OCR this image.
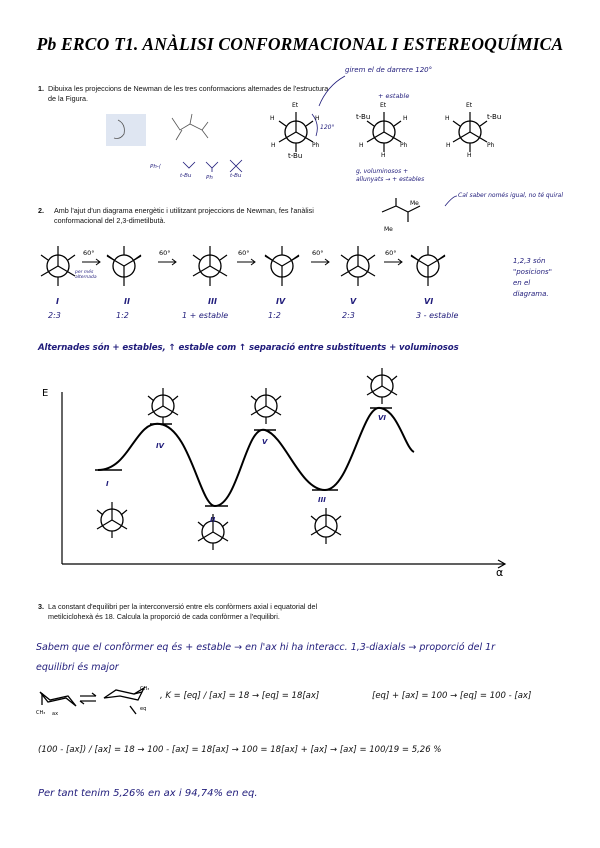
Pb ERCO T1. ANÀLISI CONFORMACIONAL I ESTEREOQUÍMICA
1. Dibuixa les projeccions de Newman de les tres conformacions alternades de l'estructura
de la Figura.
girem el de darrere 120°
+ estable
120°
g, voluminosos +
allunyats → + estables
Et
H	H
H	Ph
t-Bu
Et
t-Bu	H
H	Ph
H
Et
H	t-Bu
H	Ph
H
Ph-⟨
t-Bu	Ph	t-Bu
2. Amb l'ajut d'un diagrama energètic i utilitzant projeccions de Newman, fes l'anàlisi
conformacional del 2,3-dimetilbutà.
Cal saber només igual, no té quiral
Me
Me
I
2:3
60°
II
1:2
60°
III
1 + estable
60°
IV
1:2
60°
V
2:3
60°
VI
3 - estable
1,2,3 són
"posicions"
en el
diagrama.
per més alternada
Alternades són + estables, ↑ estable com ↑ separació entre substituents + voluminosos
E
α
I
II
III
IV	V
VI
3. La constant d'equilibri per la interconversió entre els confòrmers axial i equatorial del
metilciclohexà és 18. Calcula la proporció de cada confòrmer a l'equilibri.
Sabem que el confòrmer eq és + estable → en l'ax hi ha interacc. 1,3-diaxials → proporció del 1r
equilibri és major
CH₃ ax
CH₃
eq
, K = [eq] / [ax] = 18 → [eq] = 18[ax]	[eq] + [ax] = 100 → [eq] = 100 - [ax]
(100 - [ax]) / [ax] = 18 → 100 - [ax] = 18[ax] → 100 = 18[ax] + [ax] → [ax] = 100/19 = 5,26 %
Per tant tenim 5,26% en ax i 94,74% en eq.
